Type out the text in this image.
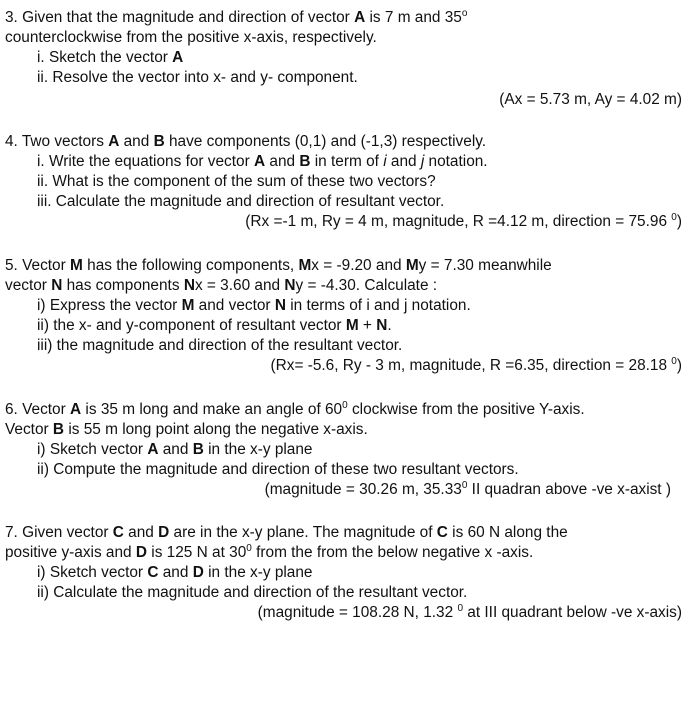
3. Given that the magnitude and direction of vector A is 7 m and 35$^o$
counterclockwise from the positive x-axis, respectively.
i. Sketch the vector A
ii. Resolve the vector into x- and y- component.
(Ax = 5.73 m, Ay = 4.02 m)
4. Two vectors A and B have components (0,1) and (-1,3) respectively.
i. Write the equations for vector A and B in term of i and j notation.
ii. What is the component of the sum of these two vectors?
iii. Calculate the magnitude and direction of resultant vector.
(Rx =-1 m, Ry = 4 m, magnitude, R =4.12 m, direction = 75.96 $^0$)
5. Vector M has the following components, Mx = -9.20 and My = 7.30 meanwhile
vector N has components Nx = 3.60 and Ny = -4.30. Calculate :
i) Express the vector M and vector N in terms of i and j notation.
ii) the x- and y-component of resultant vector M + N.
iii) the magnitude and direction of the resultant vector.
(Rx= -5.6, Ry - 3 m, magnitude, R =6.35, direction = 28.18 $^0$)
6. Vector A is 35 m long and make an angle of $60^0$ clockwise from the positive Y-axis.
Vector B is 55 m long point along the negative x-axis.
i) Sketch vector A and B in the x-y plane
ii) Compute the magnitude and direction of these two resultant vectors.
(magnitude = 30.26 m, 35.33$^0$ II quadran above -ve x-axist )
7. Given vector C and D are in the x-y plane. The magnitude of C is 60 N along the
positive y-axis and D is 125 N at $30^0$ from the from the below negative x -axis.
i) Sketch vector C and D in the x-y plane
ii) Calculate the magnitude and direction of the resultant vector.
(magnitude = 108.28 N, 1.32 $^0$ at III quadrant below -ve x-axis)
